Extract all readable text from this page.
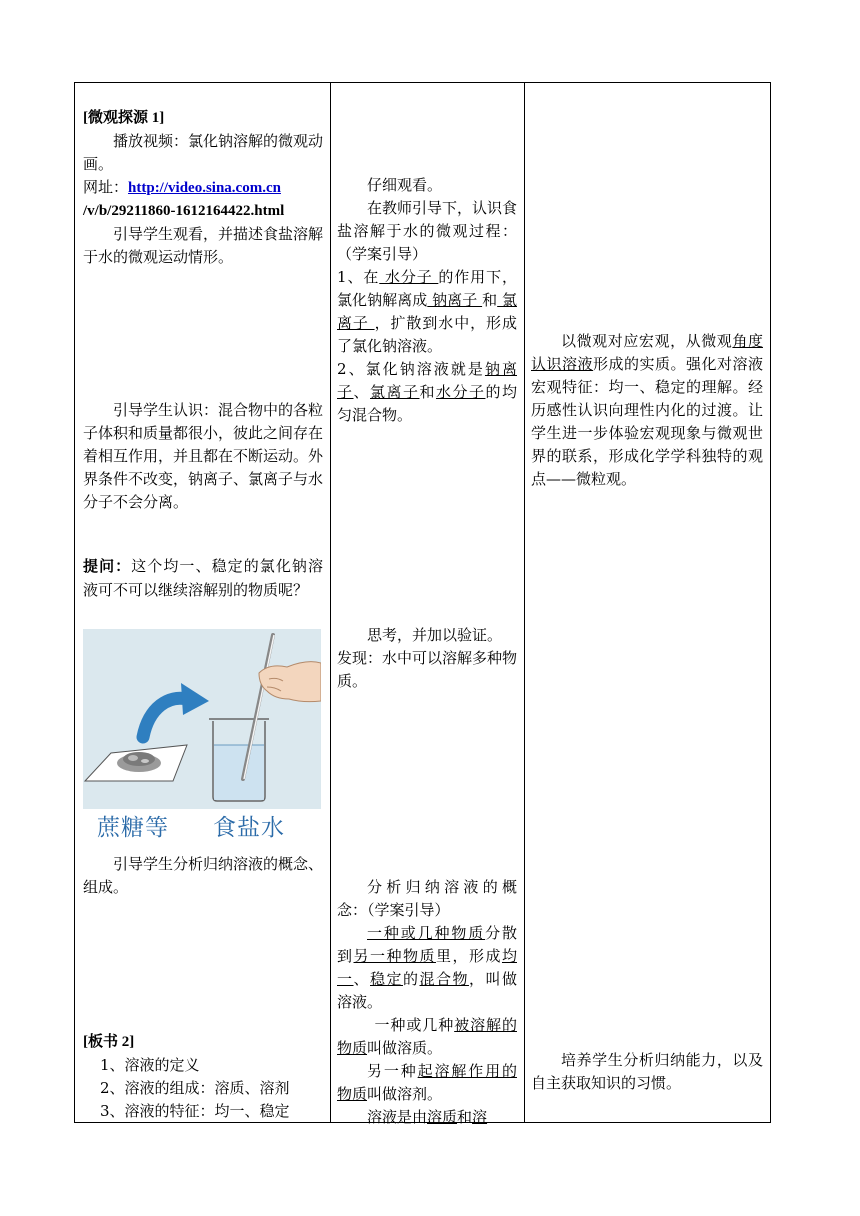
[微观探源 1]

播放视频：氯化钠溶解的微观动画。

网址：http://video.sina.com.cn

/v/b/29211860-1612164422.html

引导学生观看，并描述食盐溶解于水的微观运动情形。

引导学生认识：混合物中的各粒子体积和质量都很小，彼此之间存在着相互作用，并且都在不断运动。外界条件不改变，钠离子、氯离子与水分子不会分离。

提问：这个均一、稳定的氯化钠溶液可不可以继续溶解别的物质呢？

蔗糖等 食盐水

引导学生分析归纳溶液的概念、组成。

[板书 2]

1、溶液的定义

2、溶液的组成：溶质、溶剂

3、溶液的特征：均一、稳定

仔细观看。

在教师引导下，认识食盐溶解于水的微观过程：（学案引导）

1、在 水分子 的作用下，氯化钠解离成 钠离子 和 氯离子 ，扩散到水中，形成了氯化钠溶液。

2、氯化钠溶液就是钠离子、氯离子和水分子的均匀混合物。

思考，并加以验证。

发现：水中可以溶解多种物质。

分析归纳溶液的概念：（学案引导）

一种或几种物质分散到另一种物质里，形成均一、稳定的混合物，叫做溶液。

一种或几种被溶解的物质叫做溶质。

另一种起溶解作用的物质叫做溶剂。

溶液是由溶质和溶

以微观对应宏观，从微观角度认识溶液形成的实质。强化对溶液宏观特征：均一、稳定的理解。经历感性认识向理性内化的过渡。让学生进一步体验宏观现象与微观世界的联系，形成化学学科独特的观点——微粒观。

培养学生分析归纳能力，以及自主获取知识的习惯。
